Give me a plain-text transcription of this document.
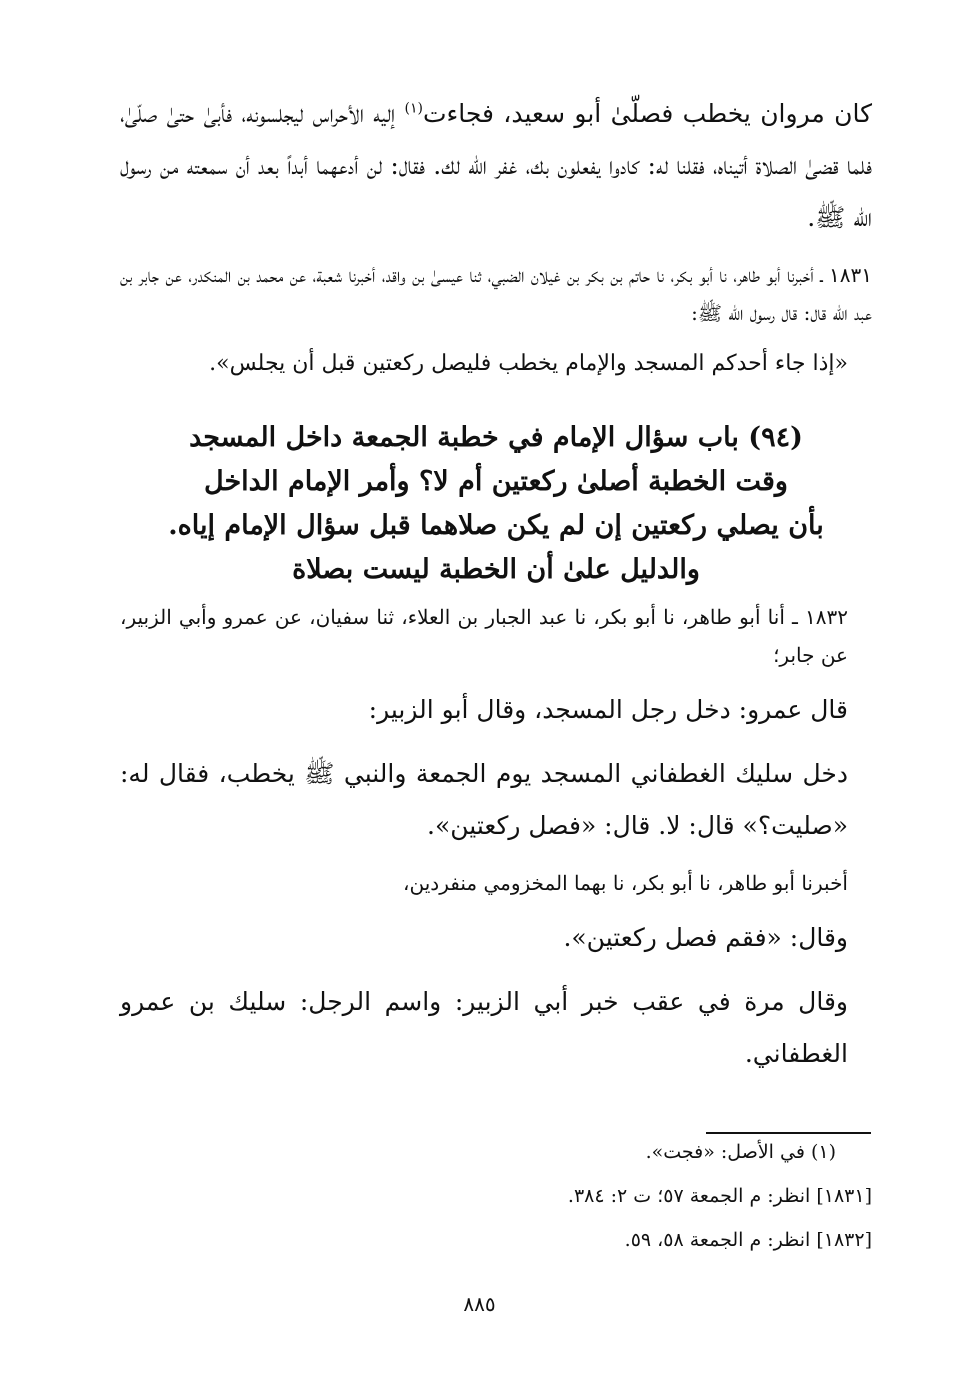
كان مروان يخطب فصلّىٰ أبو سعيد، فجاءت$^{(١)}$ إليه الأحراس ليجلسونه، فأبىٰ حتىٰ صلّىٰ، فلما قضىٰ الصلاة أتيناه، فقلنا له: كادوا يفعلون بك، غفر الله لك. فقال: لن أدعهما أبداً بعد أن سمعته من رسول الله ﷺ.

١٨٣١ ـ أخبرنا أبو طاهر، نا أبو بكر، نا حاتم بن بكر بن غيلان الضبي، ثنا عيسىٰ بن واقد، أخبرنا شعبة، عن محمد بن المنكدر، عن جابر بن عبد الله قال: قال رسول الله ﷺ:

«إذا جاء أحدكم المسجد والإمام يخطب فليصل ركعتين قبل أن يجلس».

(٩٤) باب سؤال الإمام في خطبة الجمعة داخل المسجد
وقت الخطبة أصلىٰ ركعتين أم لا؟ وأمر الإمام الداخل
بأن يصلي ركعتين إن لم يكن صلاهما قبل سؤال الإمام إياه.
والدليل علىٰ أن الخطبة ليست بصلاة

١٨٣٢ ـ أنا أبو طاهر، نا أبو بكر، نا عبد الجبار بن العلاء، ثنا سفيان، عن عمرو وأبي الزبير، عن جابر؛

قال عمرو: دخل رجل المسجد، وقال أبو الزبير:

دخل سليك الغطفاني المسجد يوم الجمعة والنبي ﷺ يخطب، فقال له: «صليت؟» قال: لا. قال: «فصل ركعتين».

أخبرنا أبو طاهر، نا أبو بكر، نا بهما المخزومي منفردين،

وقال: «فقم فصل ركعتين».

وقال مرة في عقب خبر أبي الزبير: واسم الرجل: سليك بن عمرو الغطفاني.

(١) في الأصل: «فجت».
[١٨٣١] انظر: م الجمعة ٥٧؛ ت ٢: ٣٨٤.
[١٨٣٢] انظر: م الجمعة ٥٨، ٥٩.
٨٨٥
